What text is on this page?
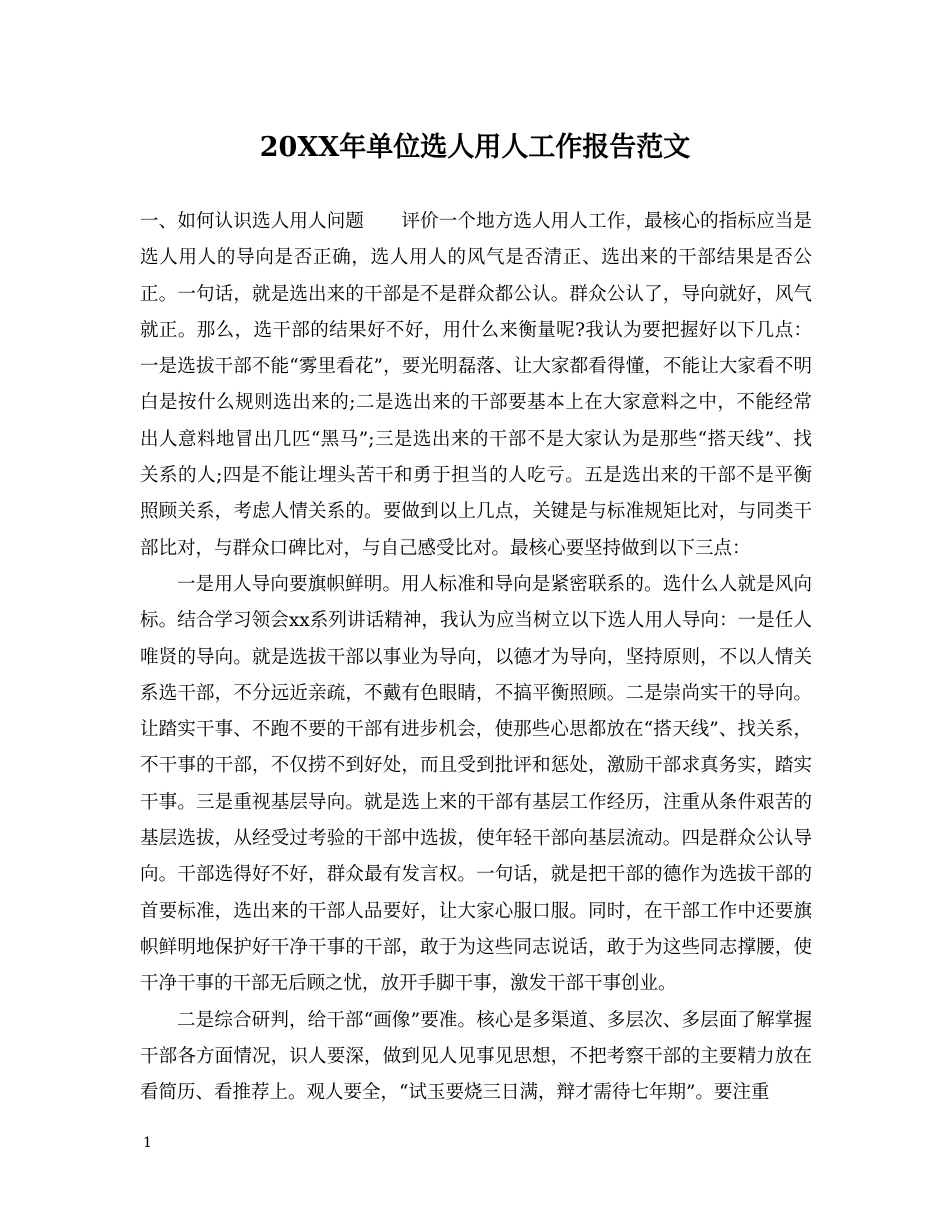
20XX年单位选人用人工作报告范文

一、如何认识选人用人问题　　评价一个地方选人用人工作，最核心的指标应当是选人用人的导向是否正确，选人用人的风气是否清正、选出来的干部结果是否公正。一句话，就是选出来的干部是不是群众都公认。群众公认了，导向就好，风气就正。那么，选干部的结果好不好，用什么来衡量呢?我认为要把握好以下几点：一是选拔干部不能“雾里看花”，要光明磊落、让大家都看得懂，不能让大家看不明白是按什么规则选出来的;二是选出来的干部要基本上在大家意料之中，不能经常出人意料地冒出几匹“黑马”;三是选出来的干部不是大家认为是那些“搭天线”、找关系的人;四是不能让埋头苦干和勇于担当的人吃亏。五是选出来的干部不是平衡照顾关系，考虑人情关系的。要做到以上几点，关键是与标准规矩比对，与同类干部比对，与群众口碑比对，与自己感受比对。最核心要坚持做到以下三点：

一是用人导向要旗帜鲜明。用人标准和导向是紧密联系的。选什么人就是风向标。结合学习领会xx系列讲话精神，我认为应当树立以下选人用人导向：一是任人唯贤的导向。就是选拔干部以事业为导向，以德才为导向，坚持原则，不以人情关系选干部，不分远近亲疏，不戴有色眼睛，不搞平衡照顾。二是崇尚实干的导向。让踏实干事、不跑不要的干部有进步机会，使那些心思都放在“搭天线”、找关系，不干事的干部，不仅捞不到好处，而且受到批评和惩处，激励干部求真务实，踏实干事。三是重视基层导向。就是选上来的干部有基层工作经历，注重从条件艰苦的基层选拔，从经受过考验的干部中选拔，使年轻干部向基层流动。四是群众公认导向。干部选得好不好，群众最有发言权。一句话，就是把干部的德作为选拔干部的首要标准，选出来的干部人品要好，让大家心服口服。同时，在干部工作中还要旗帜鲜明地保护好干净干事的干部，敢于为这些同志说话，敢于为这些同志撑腰，使干净干事的干部无后顾之忧，放开手脚干事，激发干部干事创业。

二是综合研判，给干部“画像”要准。核心是多渠道、多层次、多层面了解掌握干部各方面情况，识人要深，做到见人见事见思想，不把考察干部的主要精力放在看简历、看推荐上。观人要全，“试玉要烧三日满，辩才需待七年期”。要注重

1
